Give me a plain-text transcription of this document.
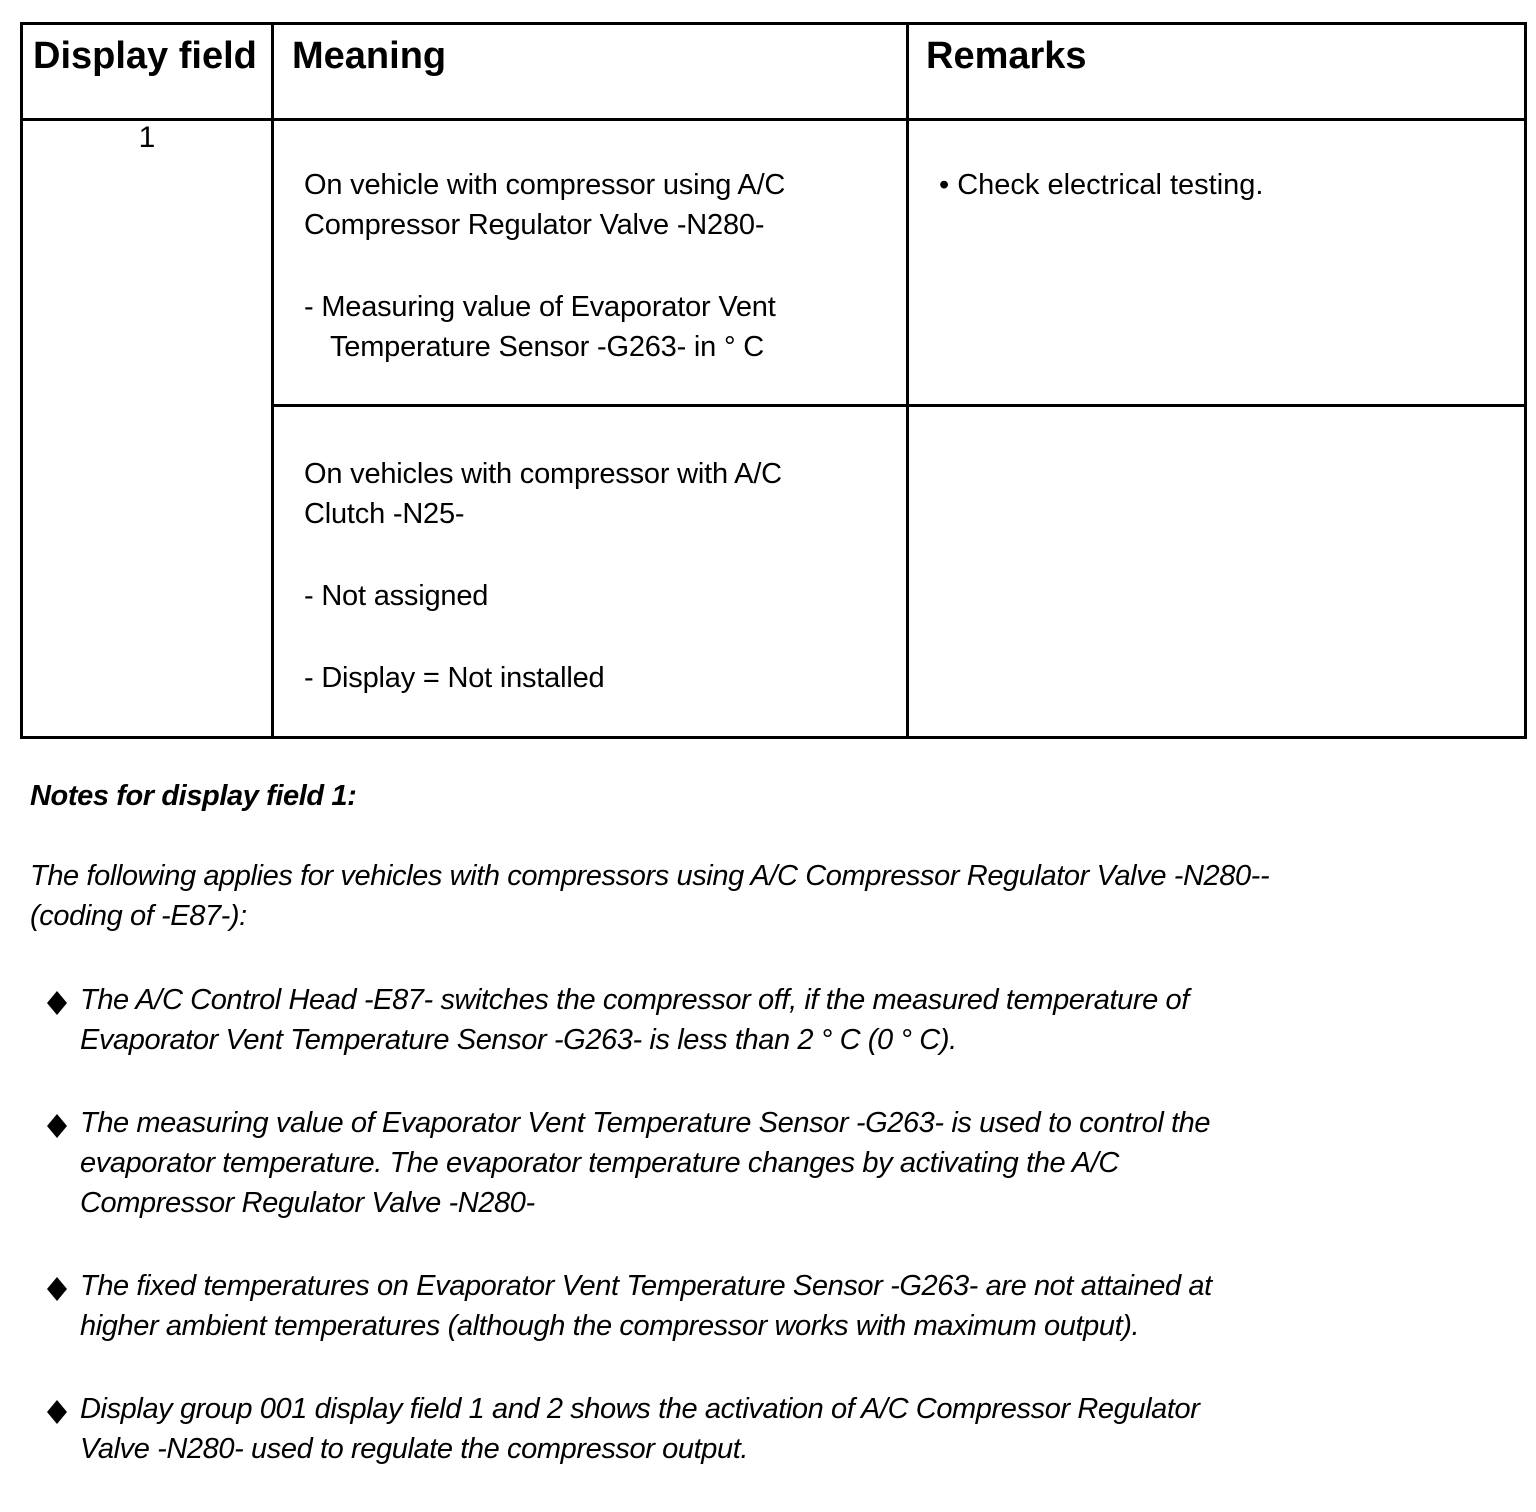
Display field	Meaning	Remarks

1	On vehicle with compressor using A/C
Compressor Regulator Valve -N280-

- Measuring value of Evaporator Vent
Temperature Sensor -G263- in ° C	• Check electrical testing.

	On vehicles with compressor with A/C
Clutch -N25-

- Not assigned

- Display = Not installed	

Notes for display field 1:

The following applies for vehicles with compressors using A/C Compressor Regulator Valve -N280--
(coding of -E87-):

The A/C Control Head -E87- switches the compressor off, if the measured temperature of
Evaporator Vent Temperature Sensor -G263- is less than 2 ° C (0 ° C).
The measuring value of Evaporator Vent Temperature Sensor -G263- is used to control the
evaporator temperature. The evaporator temperature changes by activating the A/C
Compressor Regulator Valve -N280-
The fixed temperatures on Evaporator Vent Temperature Sensor -G263- are not attained at
higher ambient temperatures (although the compressor works with maximum output).
Display group 001 display field 1 and 2 shows the activation of A/C Compressor Regulator
Valve -N280- used to regulate the compressor output.
